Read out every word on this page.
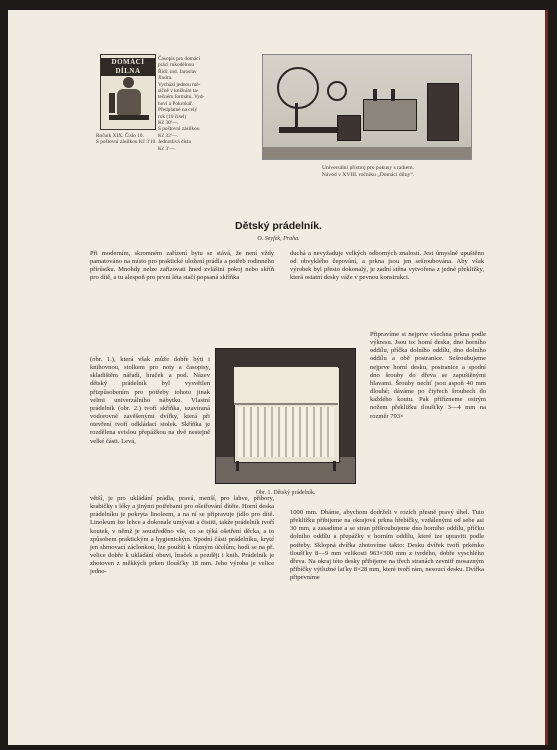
DOMÁCÍ
DÍLNA

Časopis pro domácí

práci rukodělnou

Řídí: ind. Jaroslav

Jindra.

Vychází jednou mě-

síčně v knižním ta-

tečném formátu. Vyd-

hoví a Pokrokář.

Předplatné na celý

rok (10 čísel)

Kč 30'—.

S poštovní zásilkou

Kč 32'—.

Jednotlivá čísla

Kč 3'—.

Ročník XIX. Číslo 10.

S poštovní zásilkou Kč 3'10.

Universální přístroj pro pokusy s radiem.

Návod v XVIII. ročníku „Domácí dílny“.

Dětský prádelník.
O. Seyfek, Praha.

Při moderním, skromném zařízení bytu se stává, že není vždy pamatováno na místo pro praktické uložení prádla a potřeb rodinného přírůstku. Mnohdy nelze zařizovati hned zvláštní pokoj nebo skříň pro dítě, a tu alespoň pro první léta stačí popsaná skříňka

(obr. 1.), která však může dobře býti i knihovnou, stolkem pro noty a časopisy, skladištěm nářadí, hraček a pod. Název dětský prádelník byl vysvětlen přizpůsobením pro potřeby tohoto jinak velmi univerzálního nábytku. Vlastní prádelník (obr. 2.) tvoří skříňka, uzavíraná vodorovně zavěšenými dvířky, která při otevření tvoří odkládací stolek. Skříňka je rozdělena svislou přepážkou na dvě nestejně velké části. Levá,

větší, je pro ukládání prádla, pravá, menší, pro lahve, příbory, krabičky s léky a jinými potřebami pro ošetřování dítěte. Horní deska prádelníku je pokryta linoleem, a na ní se připravuje jídlo pro dítě. Linoleum lze lehce a dokonale umývati a čistiti, takže prádelník tvoří koutek, v němž je soustředěno vše, co se týká ošetření děcka, a to způsobem praktickým a hygienickým. Spodní části prádelníku, kryté jen shrnovací záclonkou, lze použíti k různým účelům; hodí se na př. velice dobře k ukládání obuvi, hraček a později i knih. Prádelník je zhotoven z měkkých prken tloušťky 18 mm. Jeho výroba je velice jedno-

duchá a nevyžaduje velkých odborných znalostí. Jest úmyslně upuštěno od obvyklého čepování, a prkna jsou jen sešroubována. Aby však výrobek byl přesto dokonalý, je zadní stěna vytvořena z jedné překližky, která ostatní desky váže v pevnou konstrukci.

Připravíme si nejprve všechna prkna podle výkresu. Jsou to: horní deska, dno horního oddílu, příčka dolního oddílu, dno dolního oddílu a obě postranice. Sešroubujeme nejprve horní desku, postranice a spodní dno šrouby do dřeva se zapuštěnými hlavami. Šrouby nechť jsou aspoň 40 mm dlouhé; dáváme po čtyřech šroubech do každého koutu. Pak přiřízneme ostrým nožem překližku tloušťky 3—4 mm na rozměr 793×

1000 mm. Dbáme, abychom dodrželi v rozích přesně pravý úhel. Tuto překližku přibijeme na okrajová prkna hřebíčky, vzdálenými od sebe asi 30 mm, a zasadíme a se stran přišroubujeme dno horního oddílu, příčku dolního oddílu a přepážky v horním oddílu, které ize upraviti podle potřeby. Sklopná dvířka zhotovíme takto: Desku dvířek tvoří prkénko tloušťky 8—9 mm velikosti 963×300 mm z tvrdého, dobře vyschlého dřeva. Na okraj této desky přibijeme na třech stranách zevnitř mosazným přibíčky výtlužné laťky 8×28 mm, které tvoří rám, nesoucí desku. Dvířka připevníme

Obr. 1. Dětský prádelník.
